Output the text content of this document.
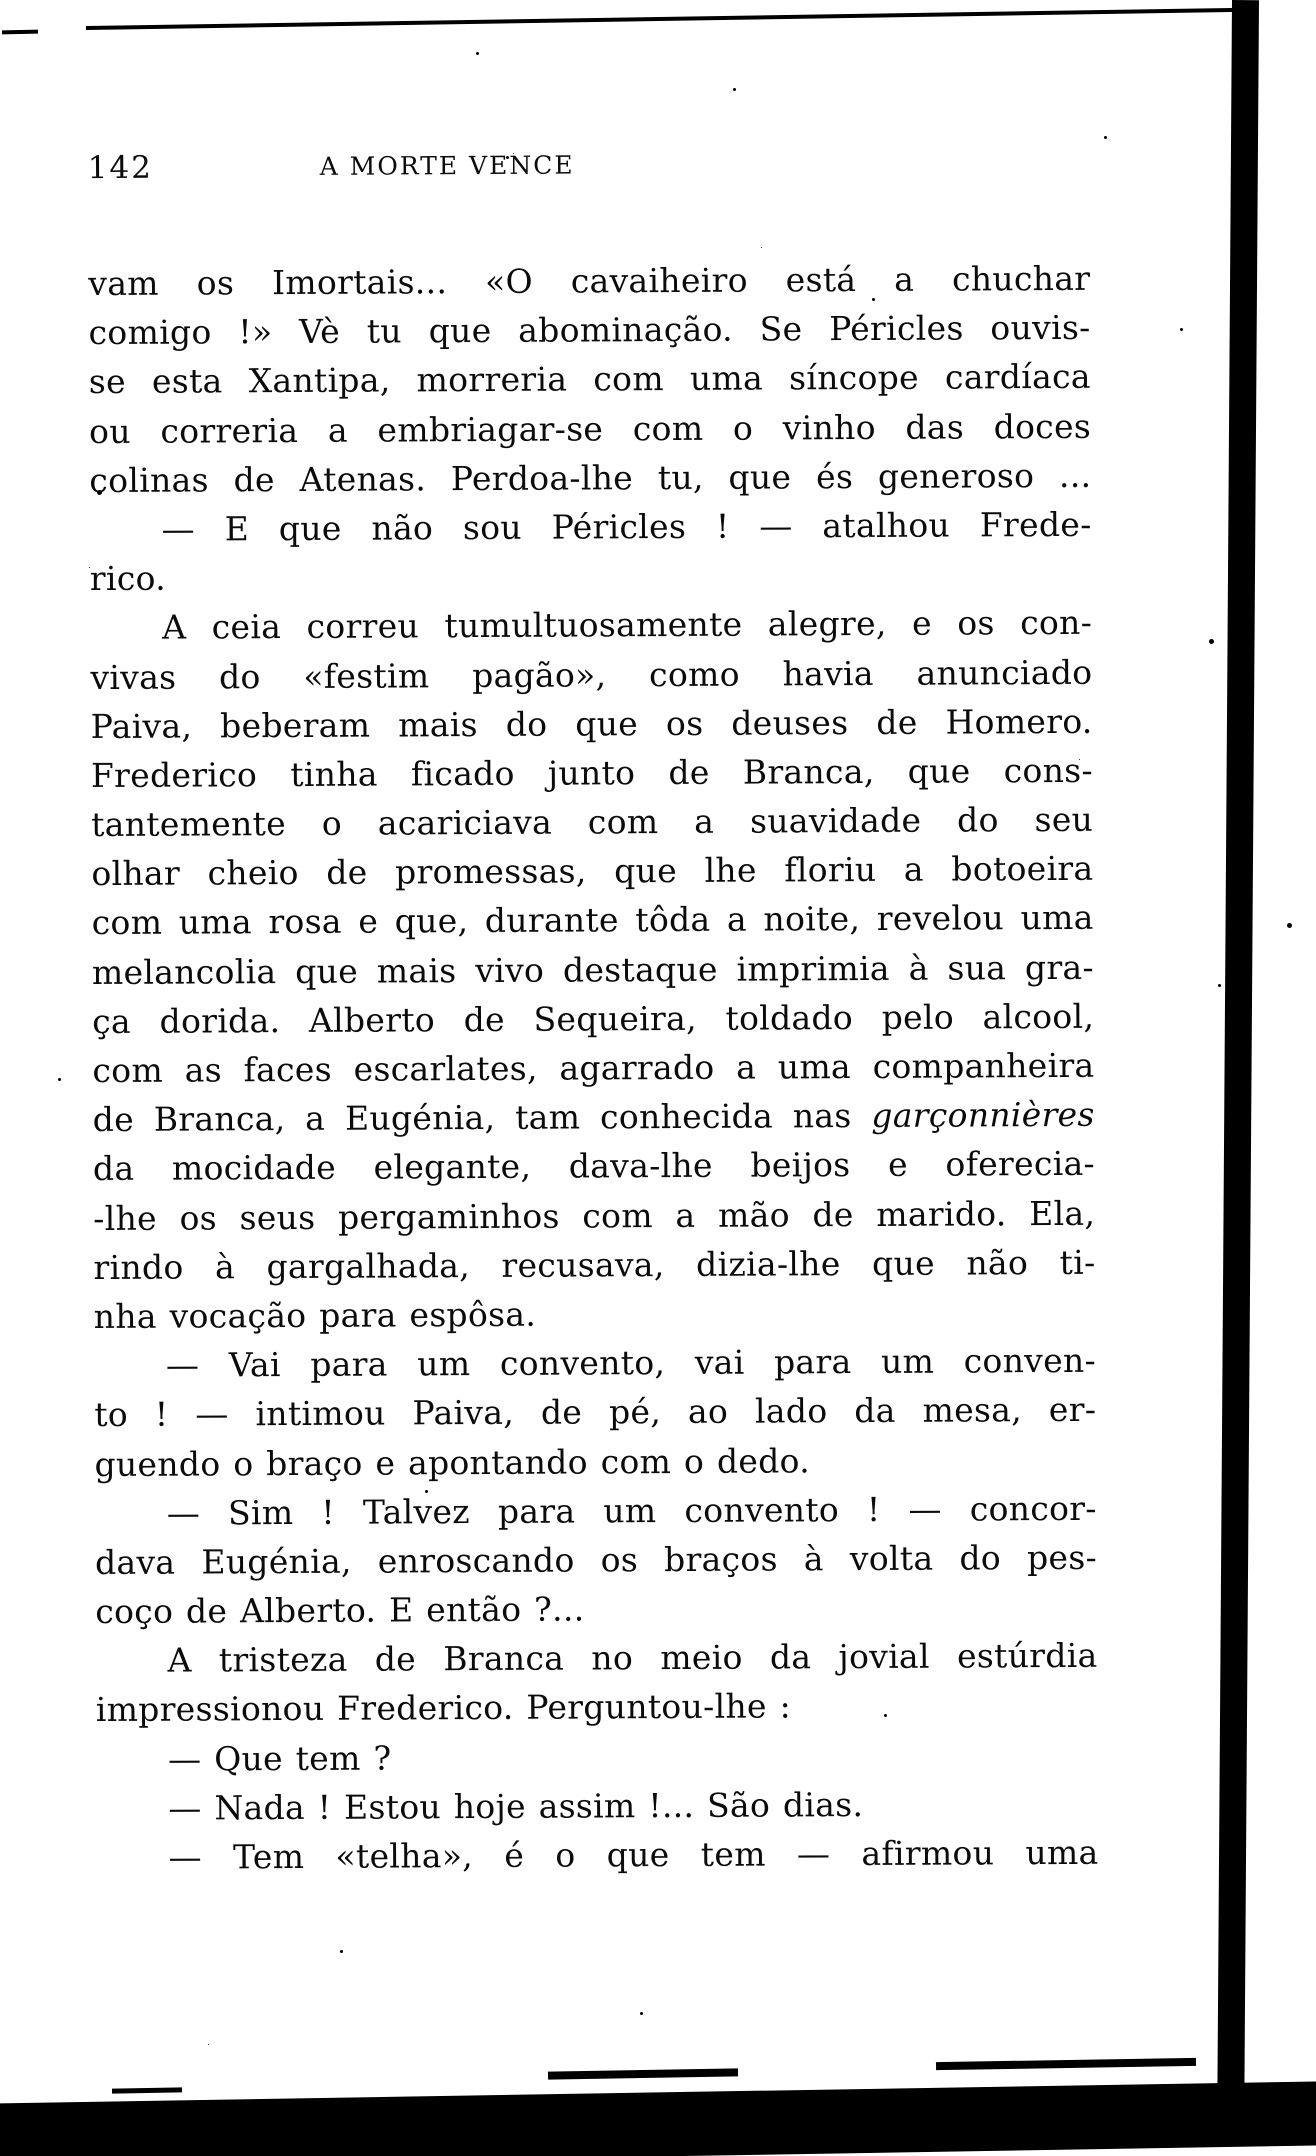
142	A MORTE VENCE
vam os Imortais... «O cavaiheiro está a chuchar
comigo !» Vè tu que abominação. Se Péricles ouvis-
se esta Xantipa, morreria com uma síncope cardíaca
ou correria a embriagar-se com o vinho das doces
colinas de Atenas. Perdoa-lhe tu, que és generoso ...
— E que não sou Péricles ! — atalhou Frede-
rico.
A ceia correu tumultuosamente alegre, e os con-
vivas do «festim pagão», como havia anunciado
Paiva, beberam mais do que os deuses de Homero.
Frederico tinha ficado junto de Branca, que cons-
tantemente o acariciava com a suavidade do seu
olhar cheio de promessas, que lhe floriu a botoeira
com uma rosa e que, durante tôda a noite, revelou uma
melancolia que mais vivo destaque imprimia à sua gra-
ça dorida. Alberto de Sequeira, toldado pelo alcool,
com as faces escarlates, agarrado a uma companheira
de Branca, a Eugénia, tam conhecida nas garçonnières
da mocidade elegante, dava-lhe beijos e oferecia-
-lhe os seus pergaminhos com a mão de marido. Ela,
rindo à gargalhada, recusava, dizia-lhe que não ti-
nha vocação para espôsa.
— Vai para um convento, vai para um conven-
to ! — intimou Paiva, de pé, ao lado da mesa, er-
guendo o braço e apontando com o dedo.
— Sim ! Talvez para um convento ! — concor-
dava Eugénia, enroscando os braços à volta do pes-
coço de Alberto. E então ?...
A tristeza de Branca no meio da jovial estúrdia
impressionou Frederico. Perguntou-lhe :
— Que tem ?
— Nada ! Estou hoje assim !... São dias.
— Tem «telha», é o que tem — afirmou uma
